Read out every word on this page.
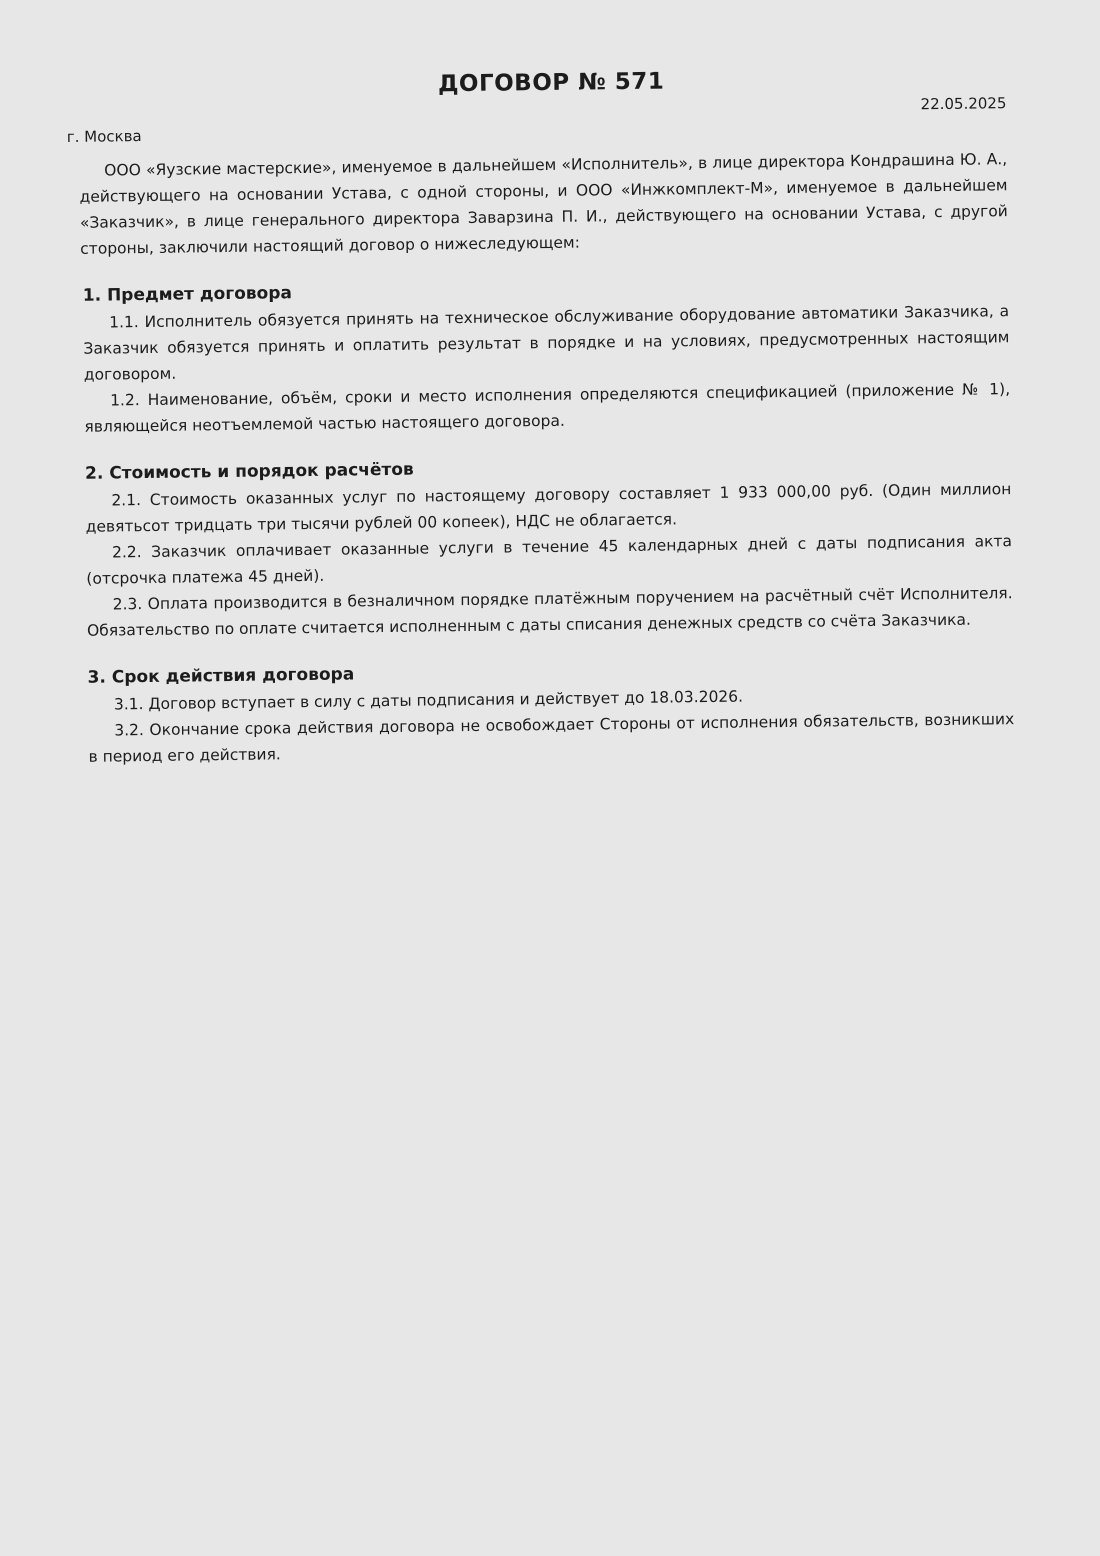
ДОГОВОР № 571
г. Москва
22.05.2025

ООО «Яузские мастерские», именуемое в дальнейшем «Исполнитель», в лице директора Кондрашина Ю. А., действующего на основании Устава, с одной стороны, и ООО «Инжкомплект-М», именуемое в дальнейшем «Заказчик», в лице генерального директора Заварзина П. И., действующего на основании Устава, с другой стороны, заключили настоящий договор о нижеследующем:

1. Предмет договора

1.1. Исполнитель обязуется принять на техническое обслуживание оборудование автоматики Заказчика, а Заказчик обязуется принять и оплатить результат в порядке и на условиях, предусмотренных настоящим договором.

1.2. Наименование, объём, сроки и место исполнения определяются спецификацией (приложение № 1), являющейся неотъемлемой частью настоящего договора.

2. Стоимость и порядок расчётов

2.1. Стоимость оказанных услуг по настоящему договору составляет 1 933 000,00 руб. (Один миллион девятьсот тридцать три тысячи рублей 00 копеек), НДС не облагается.

2.2. Заказчик оплачивает оказанные услуги в течение 45 календарных дней с даты подписания акта (отсрочка платежа 45 дней).

2.3. Оплата производится в безналичном порядке платёжным поручением на расчётный счёт Исполнителя. Обязательство по оплате считается исполненным с даты списания денежных средств со счёта Заказчика.

3. Срок действия договора

3.1. Договор вступает в силу с даты подписания и действует до 18.03.2026.

3.2. Окончание срока действия договора не освобождает Стороны от исполнения обязательств, возникших в период его действия.
